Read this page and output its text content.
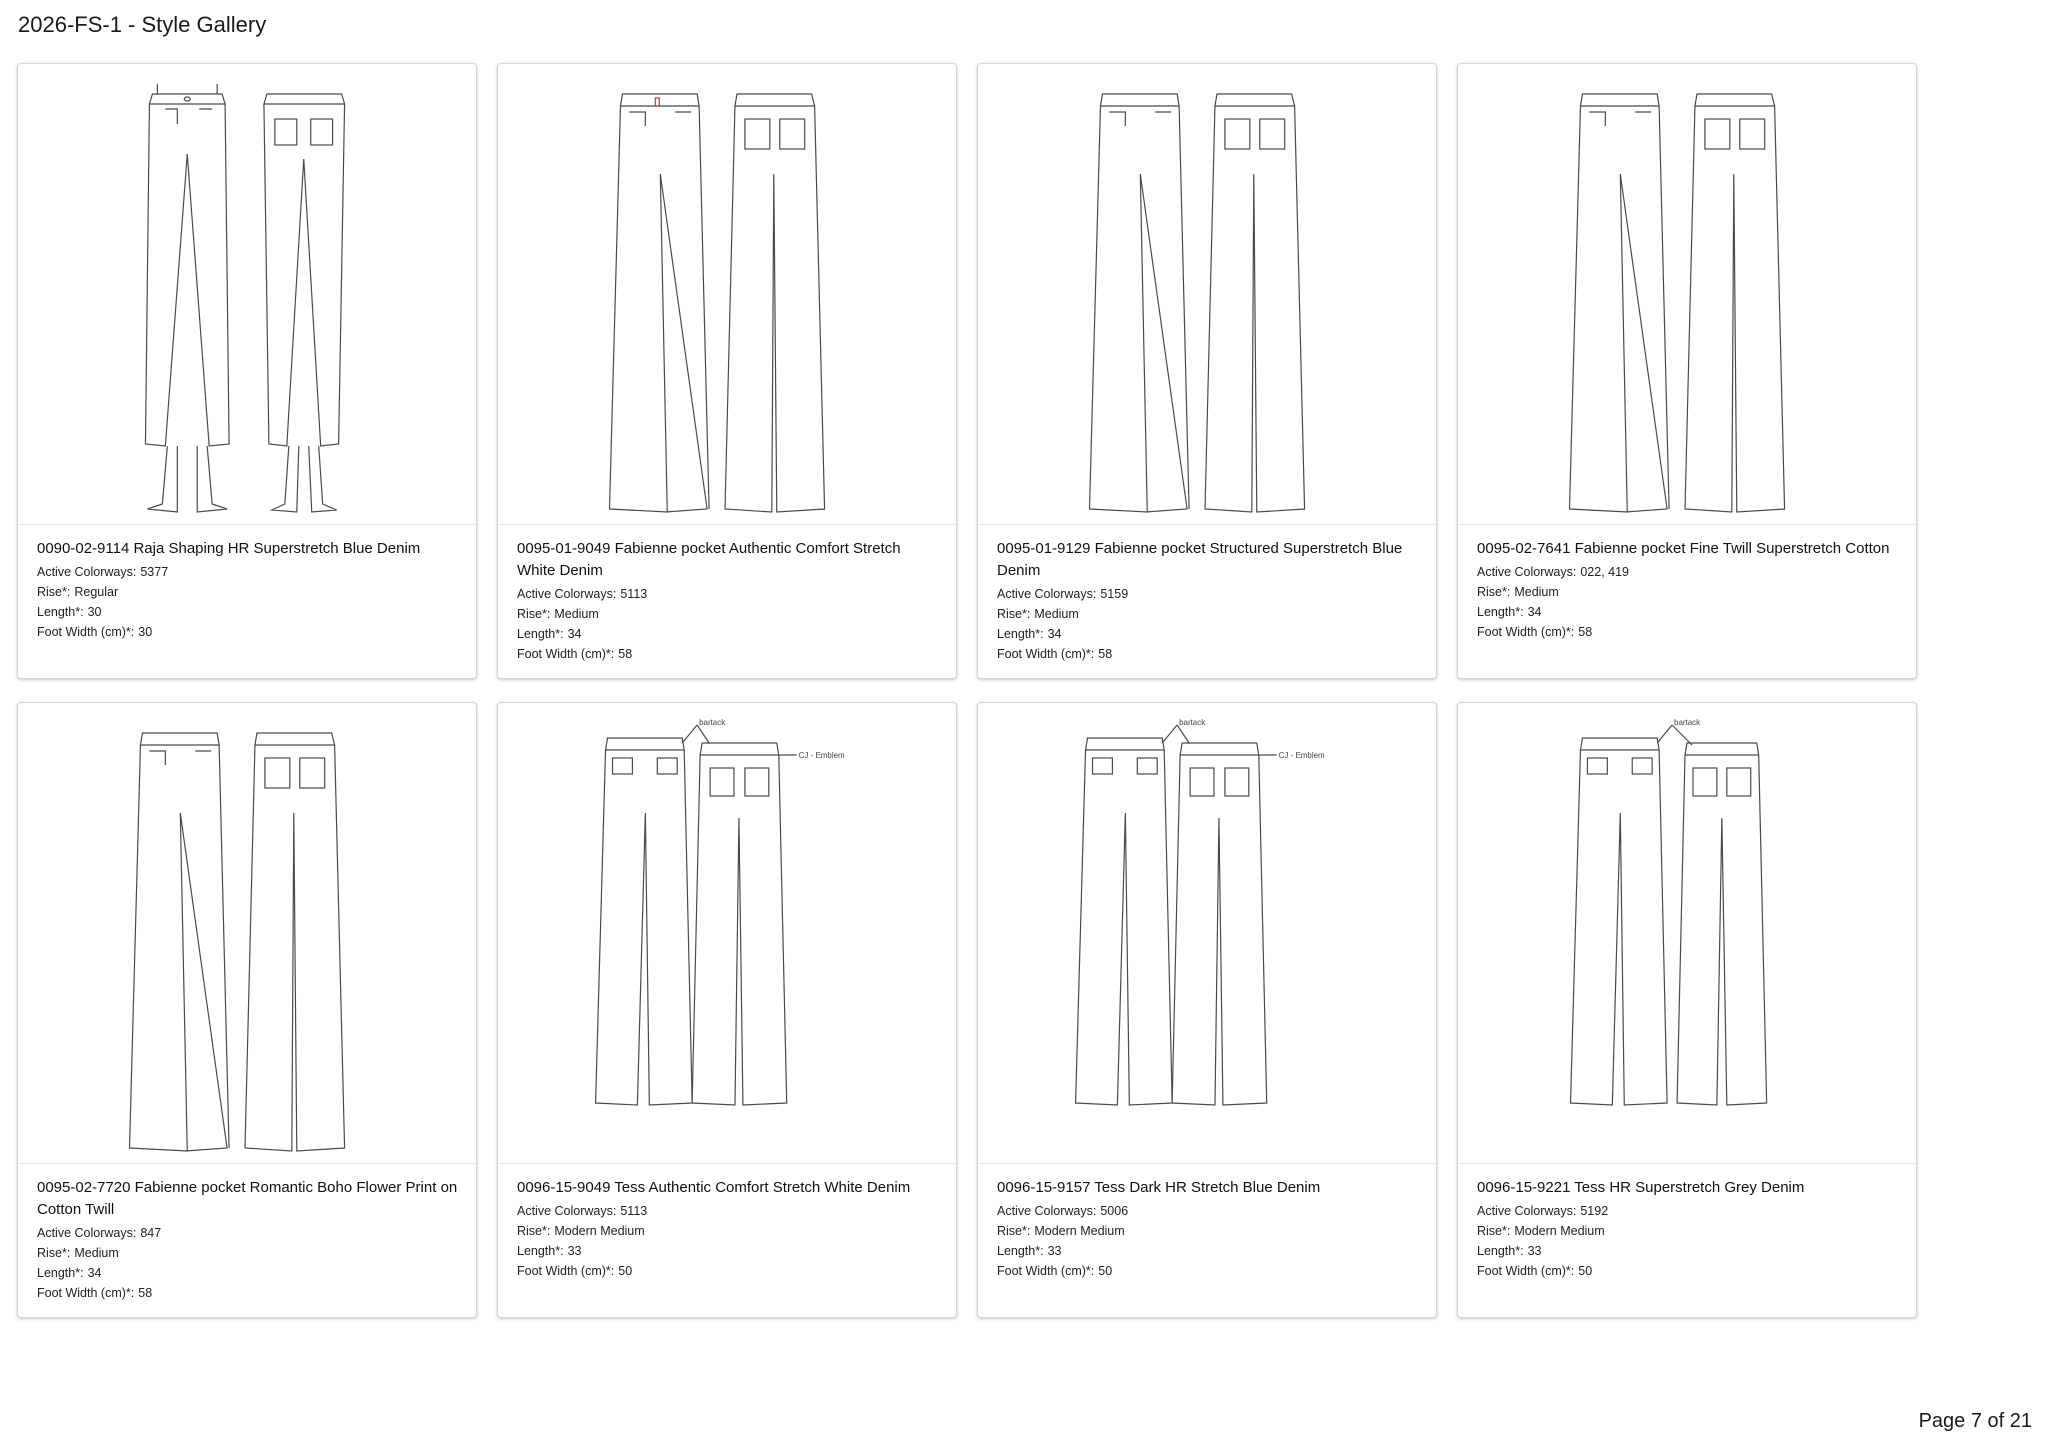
2026-FS-1 - Style Gallery
0090-02-9114 Raja Shaping HR Superstretch Blue Denim
Active Colorways: 5377
Rise*: Regular
Length*: 30
Foot Width (cm)*: 30
0095-01-9049 Fabienne pocket Authentic Comfort Stretch White Denim
Active Colorways: 5113
Rise*: Medium
Length*: 34
Foot Width (cm)*: 58
0095-01-9129 Fabienne pocket Structured Superstretch Blue Denim
Active Colorways: 5159
Rise*: Medium
Length*: 34
Foot Width (cm)*: 58
0095-02-7641 Fabienne pocket Fine Twill Superstretch Cotton
Active Colorways: 022, 419
Rise*: Medium
Length*: 34
Foot Width (cm)*: 58
0095-02-7720 Fabienne pocket Romantic Boho Flower Print on Cotton Twill
Active Colorways: 847
Rise*: Medium
Length*: 34
Foot Width (cm)*: 58
bartack
CJ - Emblem
0096-15-9049 Tess Authentic Comfort Stretch White Denim
Active Colorways: 5113
Rise*: Modern Medium
Length*: 33
Foot Width (cm)*: 50
bartack
CJ - Emblem
0096-15-9157 Tess Dark HR Stretch Blue Denim
Active Colorways: 5006
Rise*: Modern Medium
Length*: 33
Foot Width (cm)*: 50
bartack
0096-15-9221 Tess HR Superstretch Grey Denim
Active Colorways: 5192
Rise*: Modern Medium
Length*: 33
Foot Width (cm)*: 50
Page 7 of 21
